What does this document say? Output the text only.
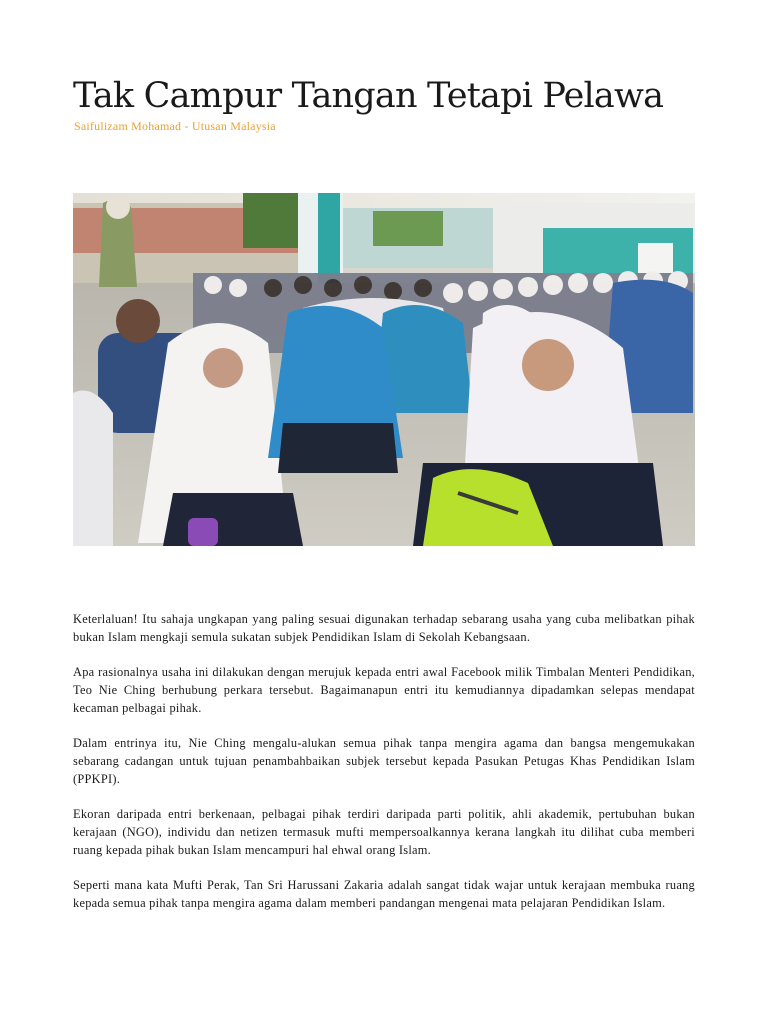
Tak Campur Tangan Tetapi Pelawa
Saifulizam Mohamad - Utusan Malaysia

Keterlaluan! Itu sahaja ungkapan yang paling sesuai digunakan terhadap sebarang usaha yang cuba melibatkan pihak bukan Islam mengkaji semula sukatan subjek Pendidikan Islam di Sekolah Kebangsaan.

Apa rasionalnya usaha ini dilakukan dengan merujuk kepada entri awal Facebook milik Timbalan Menteri Pendidikan, Teo Nie Ching berhubung perkara tersebut. Bagaimanapun entri itu kemudiannya dipadamkan selepas mendapat kecaman pelbagai pihak.

Dalam entrinya itu, Nie Ching mengalu-alukan semua pihak tanpa mengira agama dan bangsa mengemukakan sebarang cadangan untuk tujuan penambahbaikan subjek tersebut kepada Pasukan Petugas Khas Pendidikan Islam (PPKPI).

Ekoran daripada entri berkenaan, pelbagai pihak terdiri daripada parti politik, ahli akademik, pertubuhan bukan kerajaan (NGO), individu dan netizen termasuk mufti mempersoalkannya kerana langkah itu dilihat cuba memberi ruang kepada pihak bukan Islam mencampuri hal ehwal orang Islam.

Seperti mana kata Mufti Perak, Tan Sri Harussani Zakaria adalah sangat tidak wajar untuk kerajaan membuka ruang kepada semua pihak tanpa mengira agama dalam memberi pandangan mengenai mata pelajaran Pendidikan Islam.
